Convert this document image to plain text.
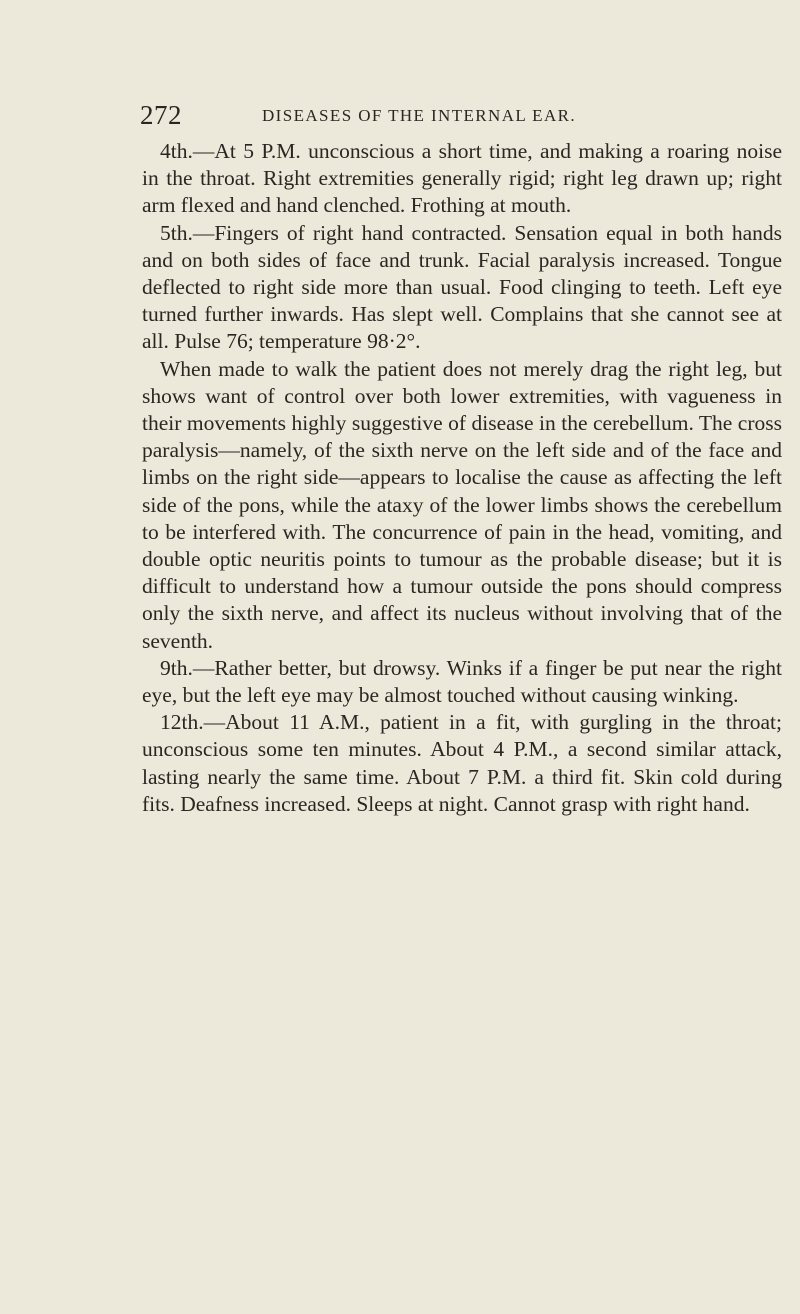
272	DISEASES OF THE INTERNAL EAR.

4th.—At 5 P.M. unconscious a short time, and making a roaring noise in the throat. Right extremities generally rigid; right leg drawn up; right arm flexed and hand clenched. Frothing at mouth.

5th.—Fingers of right hand contracted. Sensation equal in both hands and on both sides of face and trunk. Facial paralysis increased. Tongue deflected to right side more than usual. Food clinging to teeth. Left eye turned further inwards. Has slept well. Complains that she cannot see at all. Pulse 76; temperature 98·2°.

When made to walk the patient does not merely drag the right leg, but shows want of control over both lower extremities, with vagueness in their movements highly suggestive of disease in the cerebellum. The cross paralysis—namely, of the sixth nerve on the left side and of the face and limbs on the right side—appears to localise the cause as affecting the left side of the pons, while the ataxy of the lower limbs shows the cerebellum to be interfered with. The concurrence of pain in the head, vomiting, and double optic neuritis points to tumour as the probable disease; but it is difficult to understand how a tumour outside the pons should compress only the sixth nerve, and affect its nucleus without involving that of the seventh.

9th.—Rather better, but drowsy. Winks if a finger be put near the right eye, but the left eye may be almost touched without causing winking.

12th.—About 11 A.M., patient in a fit, with gurgling in the throat; unconscious some ten minutes. About 4 P.M., a second similar attack, lasting nearly the same time. About 7 P.M. a third fit. Skin cold during fits. Deafness increased. Sleeps at night. Cannot grasp with right hand.
